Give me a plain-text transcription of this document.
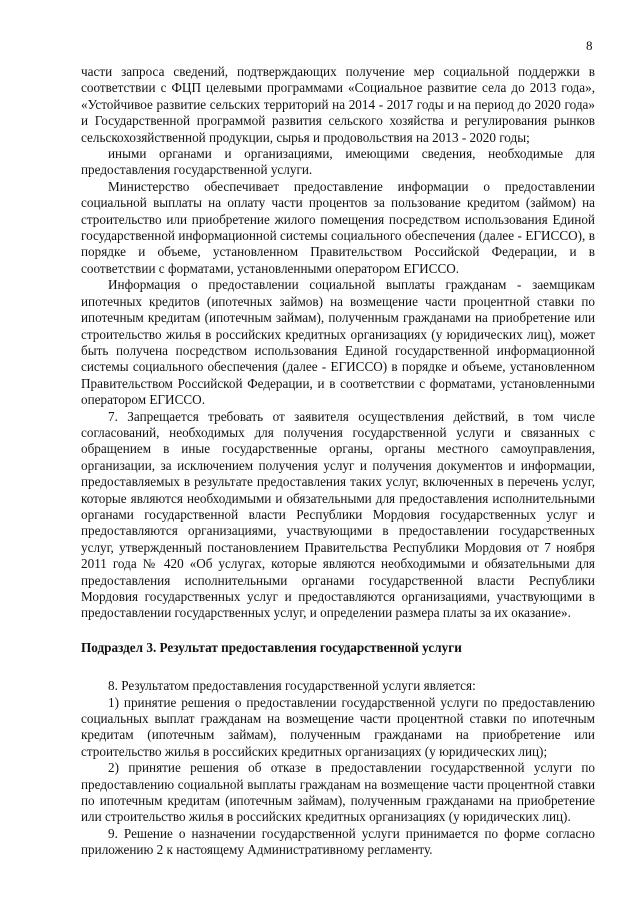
8

части запроса сведений, подтверждающих получение мер социальной поддержки в соответствии с ФЦП целевыми программами «Социальное развитие села до 2013 года», «Устойчивое развитие сельских территорий на 2014 - 2017 годы и на период до 2020 года» и Государственной программой развития сельского хозяйства и регулирования рынков сельскохозяйственной продукции, сырья и продовольствия на 2013 - 2020 годы;

иными органами и организациями, имеющими сведения, необходимые для предоставления государственной услуги.

Министерство обеспечивает предоставление информации о предоставлении социальной выплаты на оплату части процентов за пользование кредитом (займом) на строительство или приобретение жилого помещения посредством использования Единой государственной информационной системы социального обеспечения (далее - ЕГИССО), в порядке и объеме, установленном Правительством Российской Федерации, и в соответствии с форматами, установленными оператором ЕГИССО.

Информация о предоставлении социальной выплаты гражданам - заемщикам ипотечных кредитов (ипотечных займов) на возмещение части процентной ставки по ипотечным кредитам (ипотечным займам), полученным гражданами на приобретение или строительство жилья в российских кредитных организациях (у юридических лиц), может быть получена посредством использования Единой государственной информационной системы социального обеспечения (далее - ЕГИССО) в порядке и объеме, установленном Правительством Российской Федерации, и в соответствии с форматами, установленными оператором ЕГИССО.

7. Запрещается требовать от заявителя осуществления действий, в том числе согласований, необходимых для получения государственной услуги и связанных с обращением в иные государственные органы, органы местного самоуправления, организации, за исключением получения услуг и получения документов и информации, предоставляемых в результате предоставления таких услуг, включенных в перечень услуг, которые являются необходимыми и обязательными для предоставления исполнительными органами государственной власти Республики Мордовия государственных услуг и предоставляются организациями, участвующими в предоставлении государственных услуг, утвержденный постановлением Правительства Республики Мордовия от 7 ноября 2011 года № 420 «Об услугах, которые являются необходимыми и обязательными для предоставления исполнительными органами государственной власти Республики Мордовия государственных услуг и предоставляются организациями, участвующими в предоставлении государственных услуг, и определении размера платы за их оказание».

Подраздел 3. Результат предоставления государственной услуги

8. Результатом предоставления государственной услуги является:

1) принятие решения о предоставлении государственной услуги по предоставлению социальных выплат гражданам на возмещение части процентной ставки по ипотечным кредитам (ипотечным займам), полученным гражданами на приобретение или строительство жилья в российских кредитных организациях (у юридических лиц);

2) принятие решения об отказе в предоставлении государственной услуги по предоставлению социальной выплаты гражданам на возмещение части процентной ставки по ипотечным кредитам (ипотечным займам), полученным гражданами на приобретение или строительство жилья в российских кредитных организациях (у юридических лиц).

9. Решение о назначении государственной услуги принимается по форме согласно приложению 2 к настоящему Административному регламенту.
